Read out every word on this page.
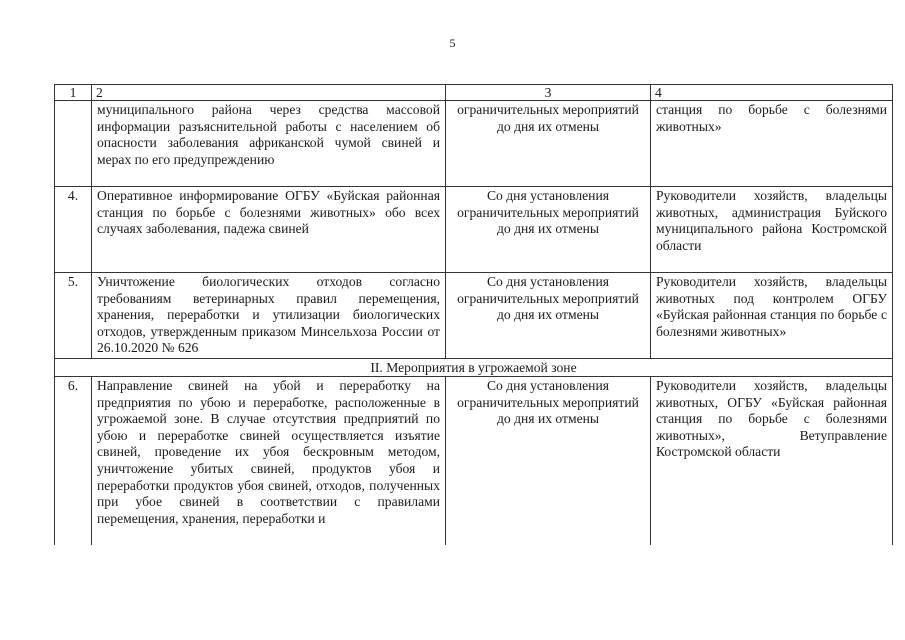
5
1	2	3	4
	муниципального района через средства массовой информации разъяснительной работы с населением об опасности заболевания африканской чумой свиней и мерах по его предупреждению	ограничительных мероприятий до дня их отмены	станция по борьбе с болезнями животных»
4.	Оперативное информирование ОГБУ «Буйская районная станция по борьбе с болезнями животных» обо всех случаях заболевания, падежа свиней	Со дня установления ограничительных мероприятий до дня их отмены	Руководители хозяйств, владельцы животных, администрация Буйского муниципального района Костромской области
5.	Уничтожение биологических отходов согласно требованиям ветеринарных правил перемещения, хранения, переработки и утилизации биологических отходов, утвержденным приказом Минсельхоза России от 26.10.2020 № 626	Со дня установления ограничительных мероприятий до дня их отмены	Руководители хозяйств, владельцы животных под контролем ОГБУ «Буйская районная станция по борьбе с болезнями животных»
II. Мероприятия в угрожаемой зоне			
6.	Направление свиней на убой и переработку на предприятия по убою и переработке, расположенные в угрожаемой зоне. В случае отсутствия предприятий по убою и переработке свиней осуществляется изъятие свиней, проведение их убоя бескровным методом, уничтожение убитых свиней, продуктов убоя и переработки продуктов убоя свиней, отходов, полученных при убое свиней в соответствии с правилами перемещения, хранения, переработки и	Со дня установления ограничительных мероприятий до дня их отмены	Руководители хозяйств, владельцы животных, ОГБУ «Буйская районная станция по борьбе с болезнями животных», Ветуправление Костромской области
